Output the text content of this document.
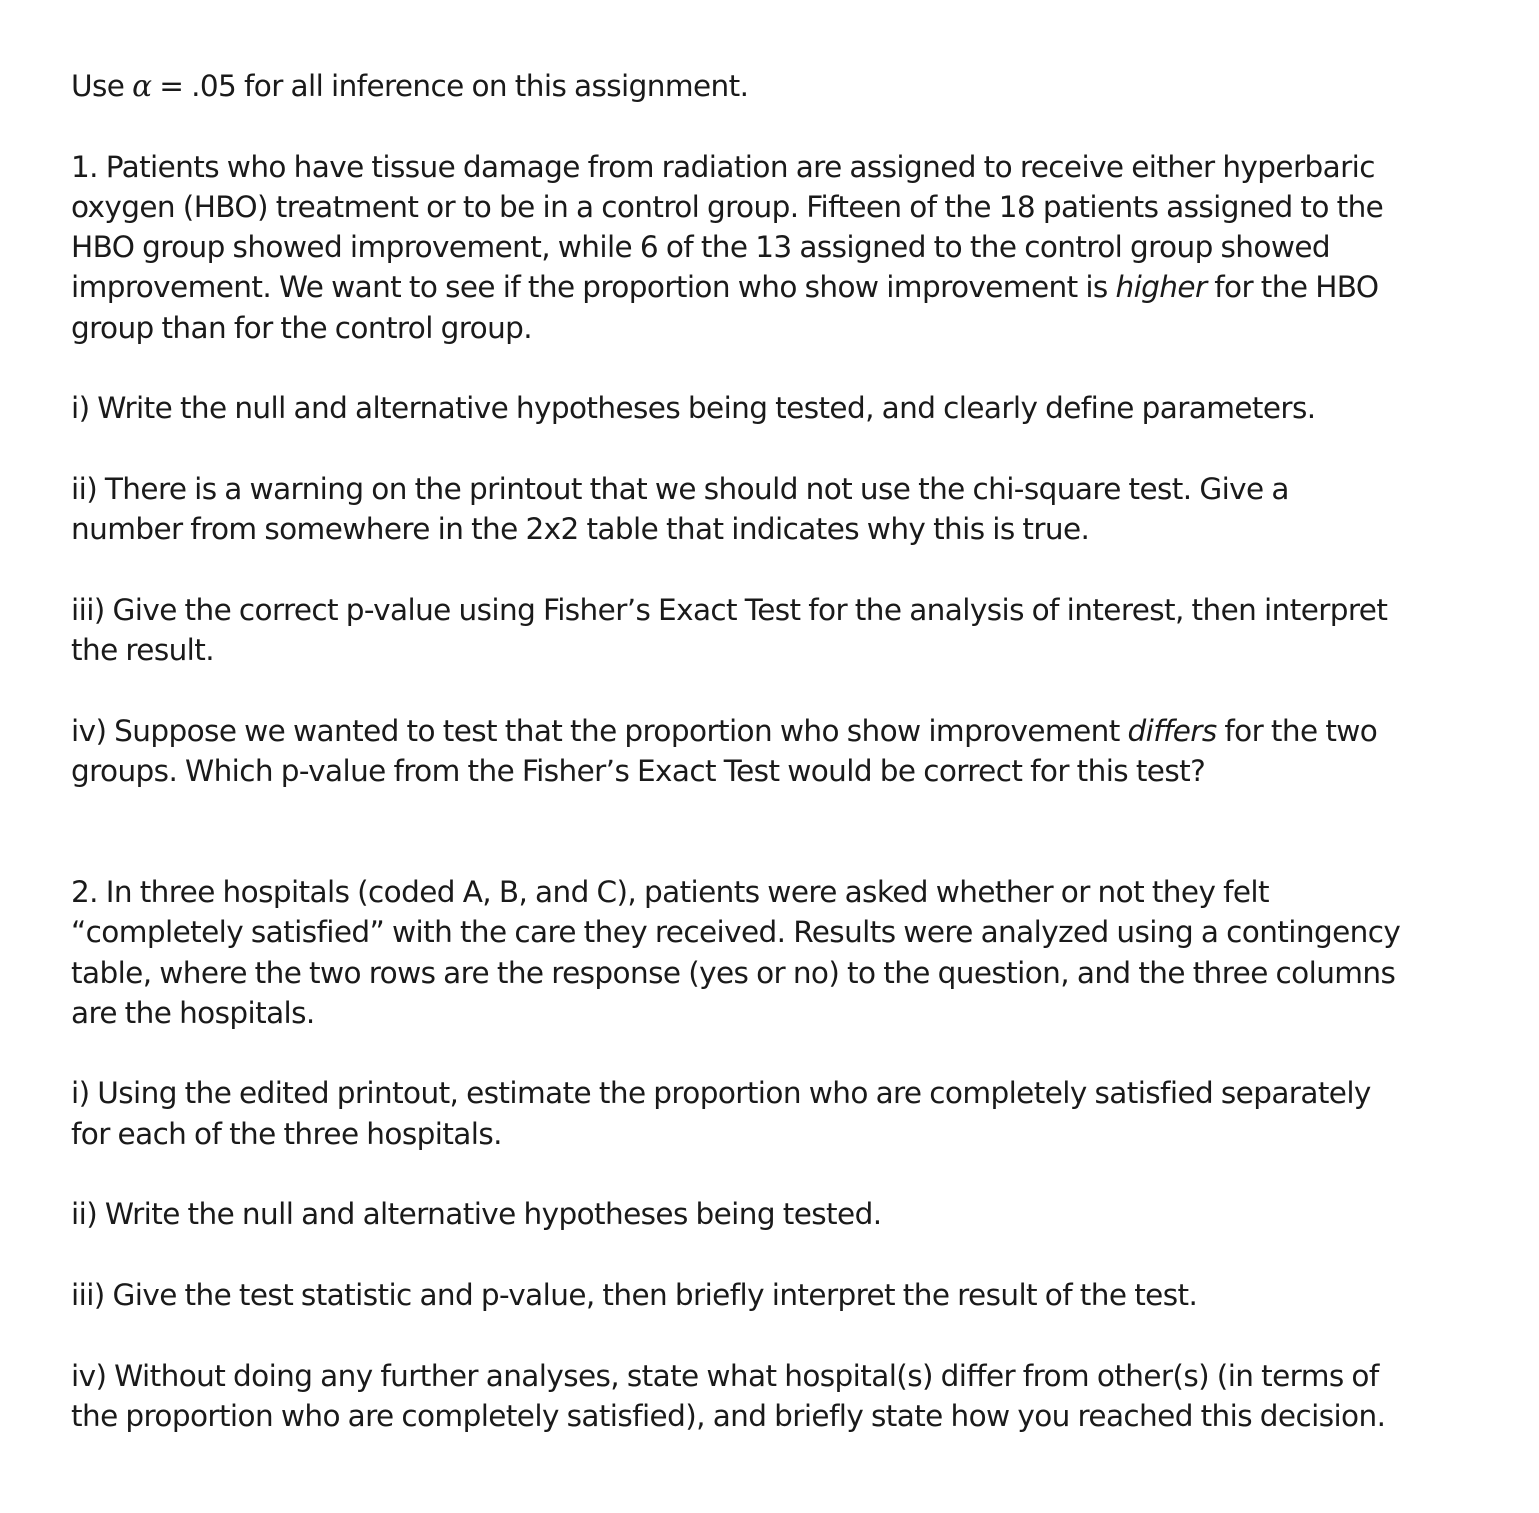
Use α = .05 for all inference on this assignment.

1. Patients who have tissue damage from radiation are assigned to receive either hyperbaric
oxygen (HBO) treatment or to be in a control group. Fifteen of the 18 patients assigned to the
HBO group showed improvement, while 6 of the 13 assigned to the control group showed
improvement. We want to see if the proportion who show improvement is higher for the HBO
group than for the control group.

i) Write the null and alternative hypotheses being tested, and clearly define parameters.

ii) There is a warning on the printout that we should not use the chi-square test. Give a
number from somewhere in the 2x2 table that indicates why this is true.

iii) Give the correct p-value using Fisher’s Exact Test for the analysis of interest, then interpret
the result.

iv) Suppose we wanted to test that the proportion who show improvement differs for the two
groups. Which p-value from the Fisher’s Exact Test would be correct for this test?

2. In three hospitals (coded A, B, and C), patients were asked whether or not they felt
“completely satisfied” with the care they received. Results were analyzed using a contingency
table, where the two rows are the response (yes or no) to the question, and the three columns
are the hospitals.

i) Using the edited printout, estimate the proportion who are completely satisfied separately
for each of the three hospitals.

ii) Write the null and alternative hypotheses being tested.

iii) Give the test statistic and p-value, then briefly interpret the result of the test.

iv) Without doing any further analyses, state what hospital(s) differ from other(s) (in terms of
the proportion who are completely satisfied), and briefly state how you reached this decision.
